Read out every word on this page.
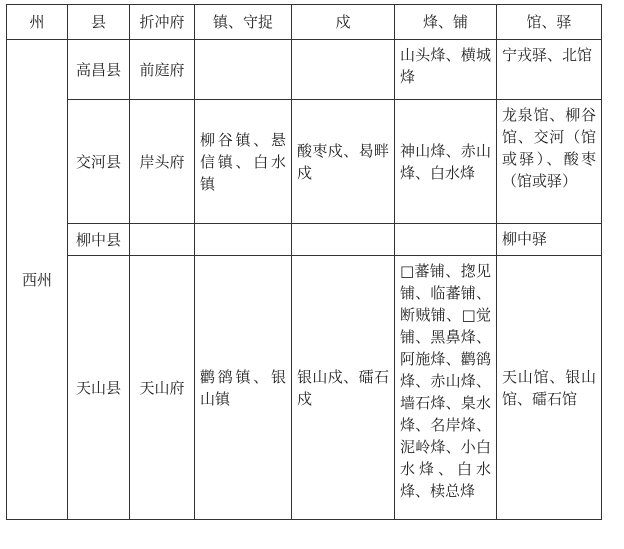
州	县	折冲府	镇、守捉	戍	烽、铺	馆、驿
西州	高昌县	前庭府			山头烽、横城烽	宁戎驿、北馆
	交河县	岸头府	柳谷镇、悬信镇、白水镇	酸枣戍、曷畔戍	神山烽、赤山烽、白水烽	龙泉馆、柳谷馆、交河（馆或驿）、酸枣（馆或驿）
	柳中县					柳中驿
	天山县	天山府	鹳鹆镇、银山镇	银山戍、礌石戍	□蕃铺、揔见铺、临蕃铺、断贼铺、□觉铺、黑鼻烽、阿施烽、鹳鹆烽、赤山烽、墙石烽、臬水烽、名岸烽、泥岭烽、小白水烽、白水烽、椟总烽	天山馆、银山馆、礌石馆
